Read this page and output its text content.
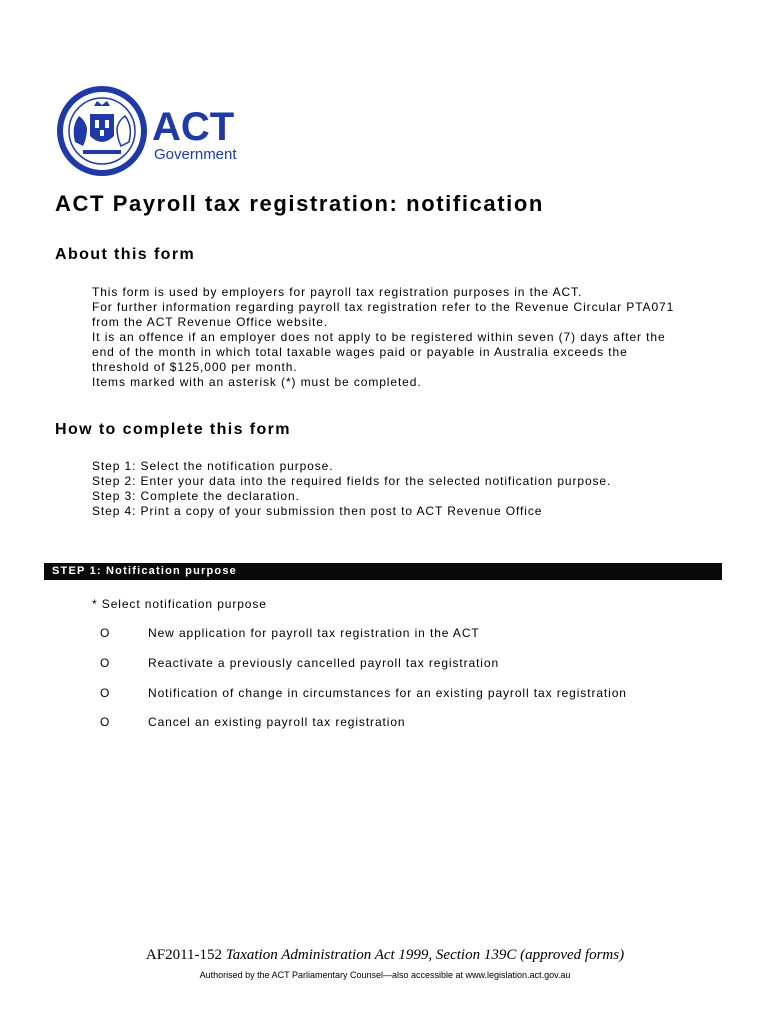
ACT
Government
ACT Payroll tax registration: notification
About this form
This form is used by employers for payroll tax registration purposes in the ACT.
For further information regarding payroll tax registration refer to the Revenue Circular PTA071
from the ACT Revenue Office website.
It is an offence if an employer does not apply to be registered within seven (7) days after the
end of the month in which total taxable wages paid or payable in Australia exceeds the
threshold of $125,000 per month.
Items marked with an asterisk (*) must be completed.
How to complete this form
Step 1: Select the notification purpose.
Step 2: Enter your data into the required fields for the selected notification purpose.
Step 3: Complete the declaration.
Step 4: Print a copy of your submission then post to ACT Revenue Office
STEP 1: Notification purpose
* Select notification purpose
O	New application for payroll tax registration in the ACT
O	Reactivate a previously cancelled payroll tax registration
O	Notification of change in circumstances for an existing payroll tax registration
O	Cancel an existing payroll tax registration
AF2011-152 Taxation Administration Act 1999, Section 139C (approved forms)
Authorised by the ACT Parliamentary Counsel—also accessible at www.legislation.act.gov.au
